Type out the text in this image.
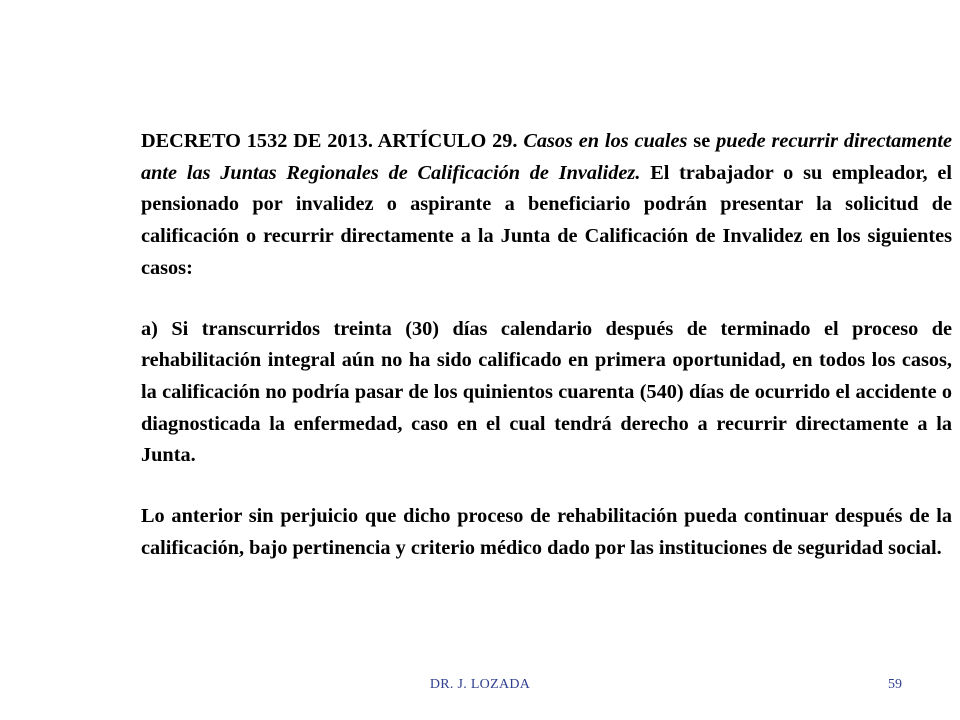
DECRETO 1532 DE 2013. ARTÍCULO 29. Casos en los cuales se puede recurrir directamente ante las Juntas Regionales de Calificación de Invalidez. El trabajador o su empleador, el pensionado por invalidez o aspirante a beneficiario podrán presentar la solicitud de calificación o recurrir directamente a la Junta de Calificación de Invalidez en los siguientes casos:

a) Si transcurridos treinta (30) días calendario después de terminado el proceso de rehabilitación integral aún no ha sido calificado en primera oportunidad, en todos los casos, la calificación no podría pasar de los quinientos cuarenta (540) días de ocurrido el accidente o diagnosticada la enfermedad, caso en el cual tendrá derecho a recurrir directamente a la Junta.

Lo anterior sin perjuicio que dicho proceso de rehabilitación pueda continuar después de la calificación, bajo pertinencia y criterio médico dado por las instituciones de seguridad social.

DR. J. LOZADA	59
